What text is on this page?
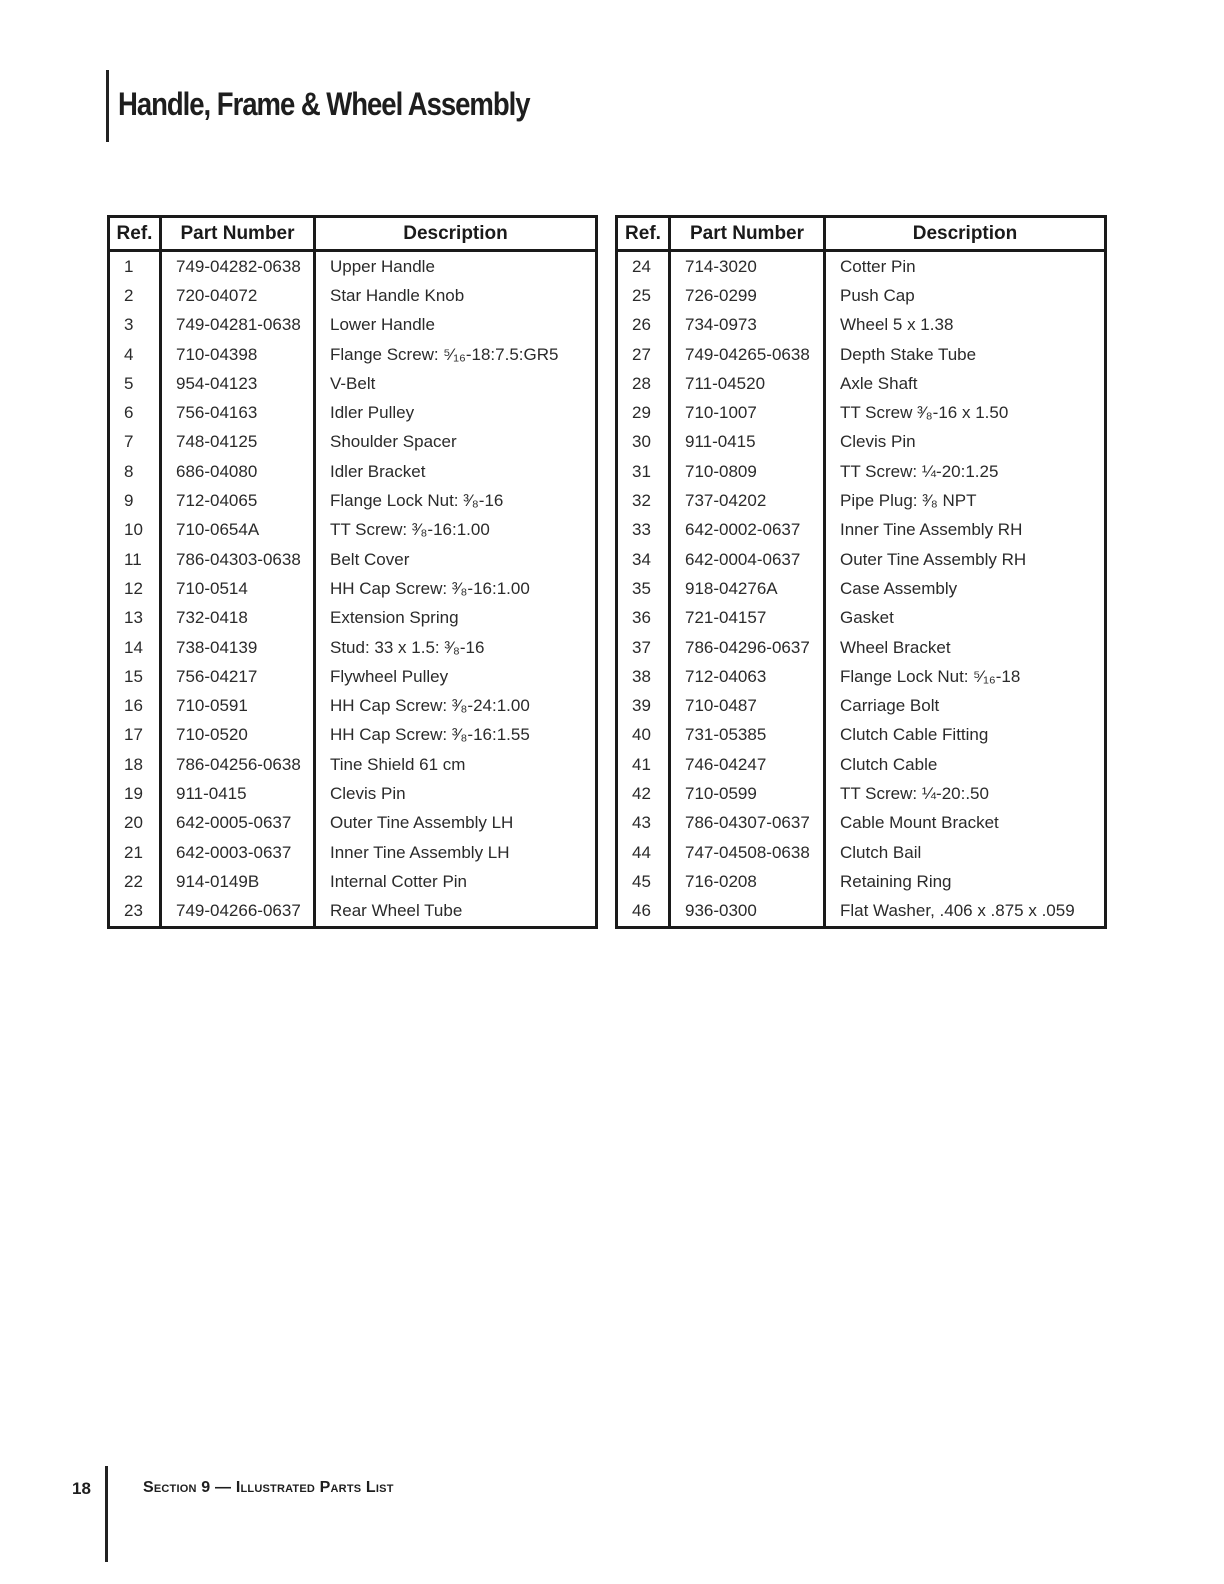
Handle, Frame & Wheel Assembly
Ref.	Part Number	Description
1	749-04282-0638	Upper Handle
2	720-04072	Star Handle Knob
3	749-04281-0638	Lower Handle
4	710-04398	Flange Screw: ⁵⁄₁₆-18:7.5:GR5
5	954-04123	V-Belt
6	756-04163	Idler Pulley
7	748-04125	Shoulder Spacer
8	686-04080	Idler Bracket
9	712-04065	Flange Lock Nut: ³⁄₈-16
10	710-0654A	TT Screw: ³⁄₈-16:1.00
11	786-04303-0638	Belt Cover
12	710-0514	HH Cap Screw: ³⁄₈-16:1.00
13	732-0418	Extension Spring
14	738-04139	Stud: 33 x 1.5: ³⁄₈-16
15	756-04217	Flywheel Pulley
16	710-0591	HH Cap Screw: ³⁄₈-24:1.00
17	710-0520	HH Cap Screw: ³⁄₈-16:1.55
18	786-04256-0638	Tine Shield 61 cm
19	911-0415	Clevis Pin
20	642-0005-0637	Outer Tine Assembly LH
21	642-0003-0637	Inner Tine Assembly LH
22	914-0149B	Internal Cotter Pin
23	749-04266-0637	Rear Wheel Tube
Ref.	Part Number	Description
24	714-3020	Cotter Pin
25	726-0299	Push Cap
26	734-0973	Wheel 5 x 1.38
27	749-04265-0638	Depth Stake Tube
28	711-04520	Axle Shaft
29	710-1007	TT Screw ³⁄₈-16 x 1.50
30	911-0415	Clevis Pin
31	710-0809	TT Screw: ¼-20:1.25
32	737-04202	Pipe Plug: ³⁄₈ NPT
33	642-0002-0637	Inner Tine Assembly RH
34	642-0004-0637	Outer Tine Assembly RH
35	918-04276A	Case Assembly
36	721-04157	Gasket
37	786-04296-0637	Wheel Bracket
38	712-04063	Flange Lock Nut: ⁵⁄₁₆-18
39	710-0487	Carriage Bolt
40	731-05385	Clutch Cable Fitting
41	746-04247	Clutch Cable
42	710-0599	TT Screw: ¼-20:.50
43	786-04307-0637	Cable Mount Bracket
44	747-04508-0638	Clutch Bail
45	716-0208	Retaining Ring
46	936-0300	Flat Washer, .406 x .875 x .059
18	Section 9 — Illustrated Parts List
